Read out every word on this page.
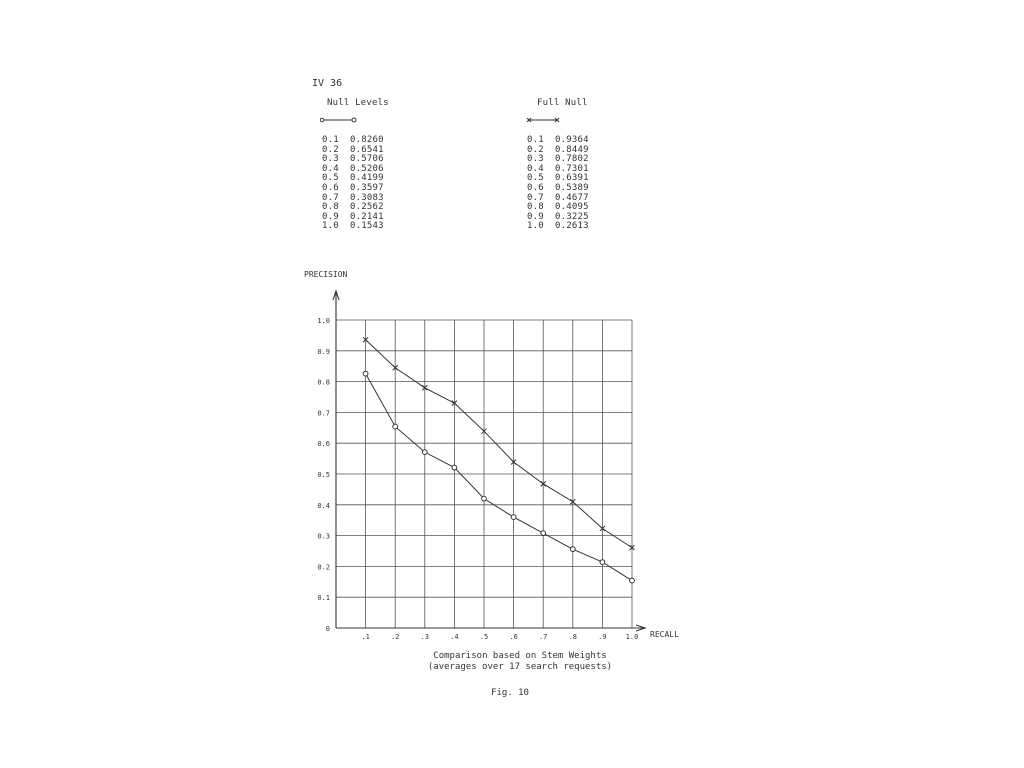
IV 36
Null Levels	Full Null
0.1 0.8260
0.2 0.6541
0.3 0.5706
0.4 0.5206
0.5 0.4199
0.6 0.3597
0.7 0.3083
0.8 0.2562
0.9 0.2141
1.0 0.1543
0.1 0.9364
0.2 0.8449
0.3 0.7802
0.4 0.7301
0.5 0.6391
0.6 0.5389
0.7 0.4677
0.8 0.4095
0.9 0.3225
1.0 0.2613
.1	.2	.3	.4	.5	.6	.7	.8	.9	1.0
0
0.1
0.2
0.3
0.4
0.5
0.6
0.7
0.8
0.9
1.0
PRECISION
RECALL
Comparison based on Stem Weights
(averages over 17 search requests)
Fig. 10
